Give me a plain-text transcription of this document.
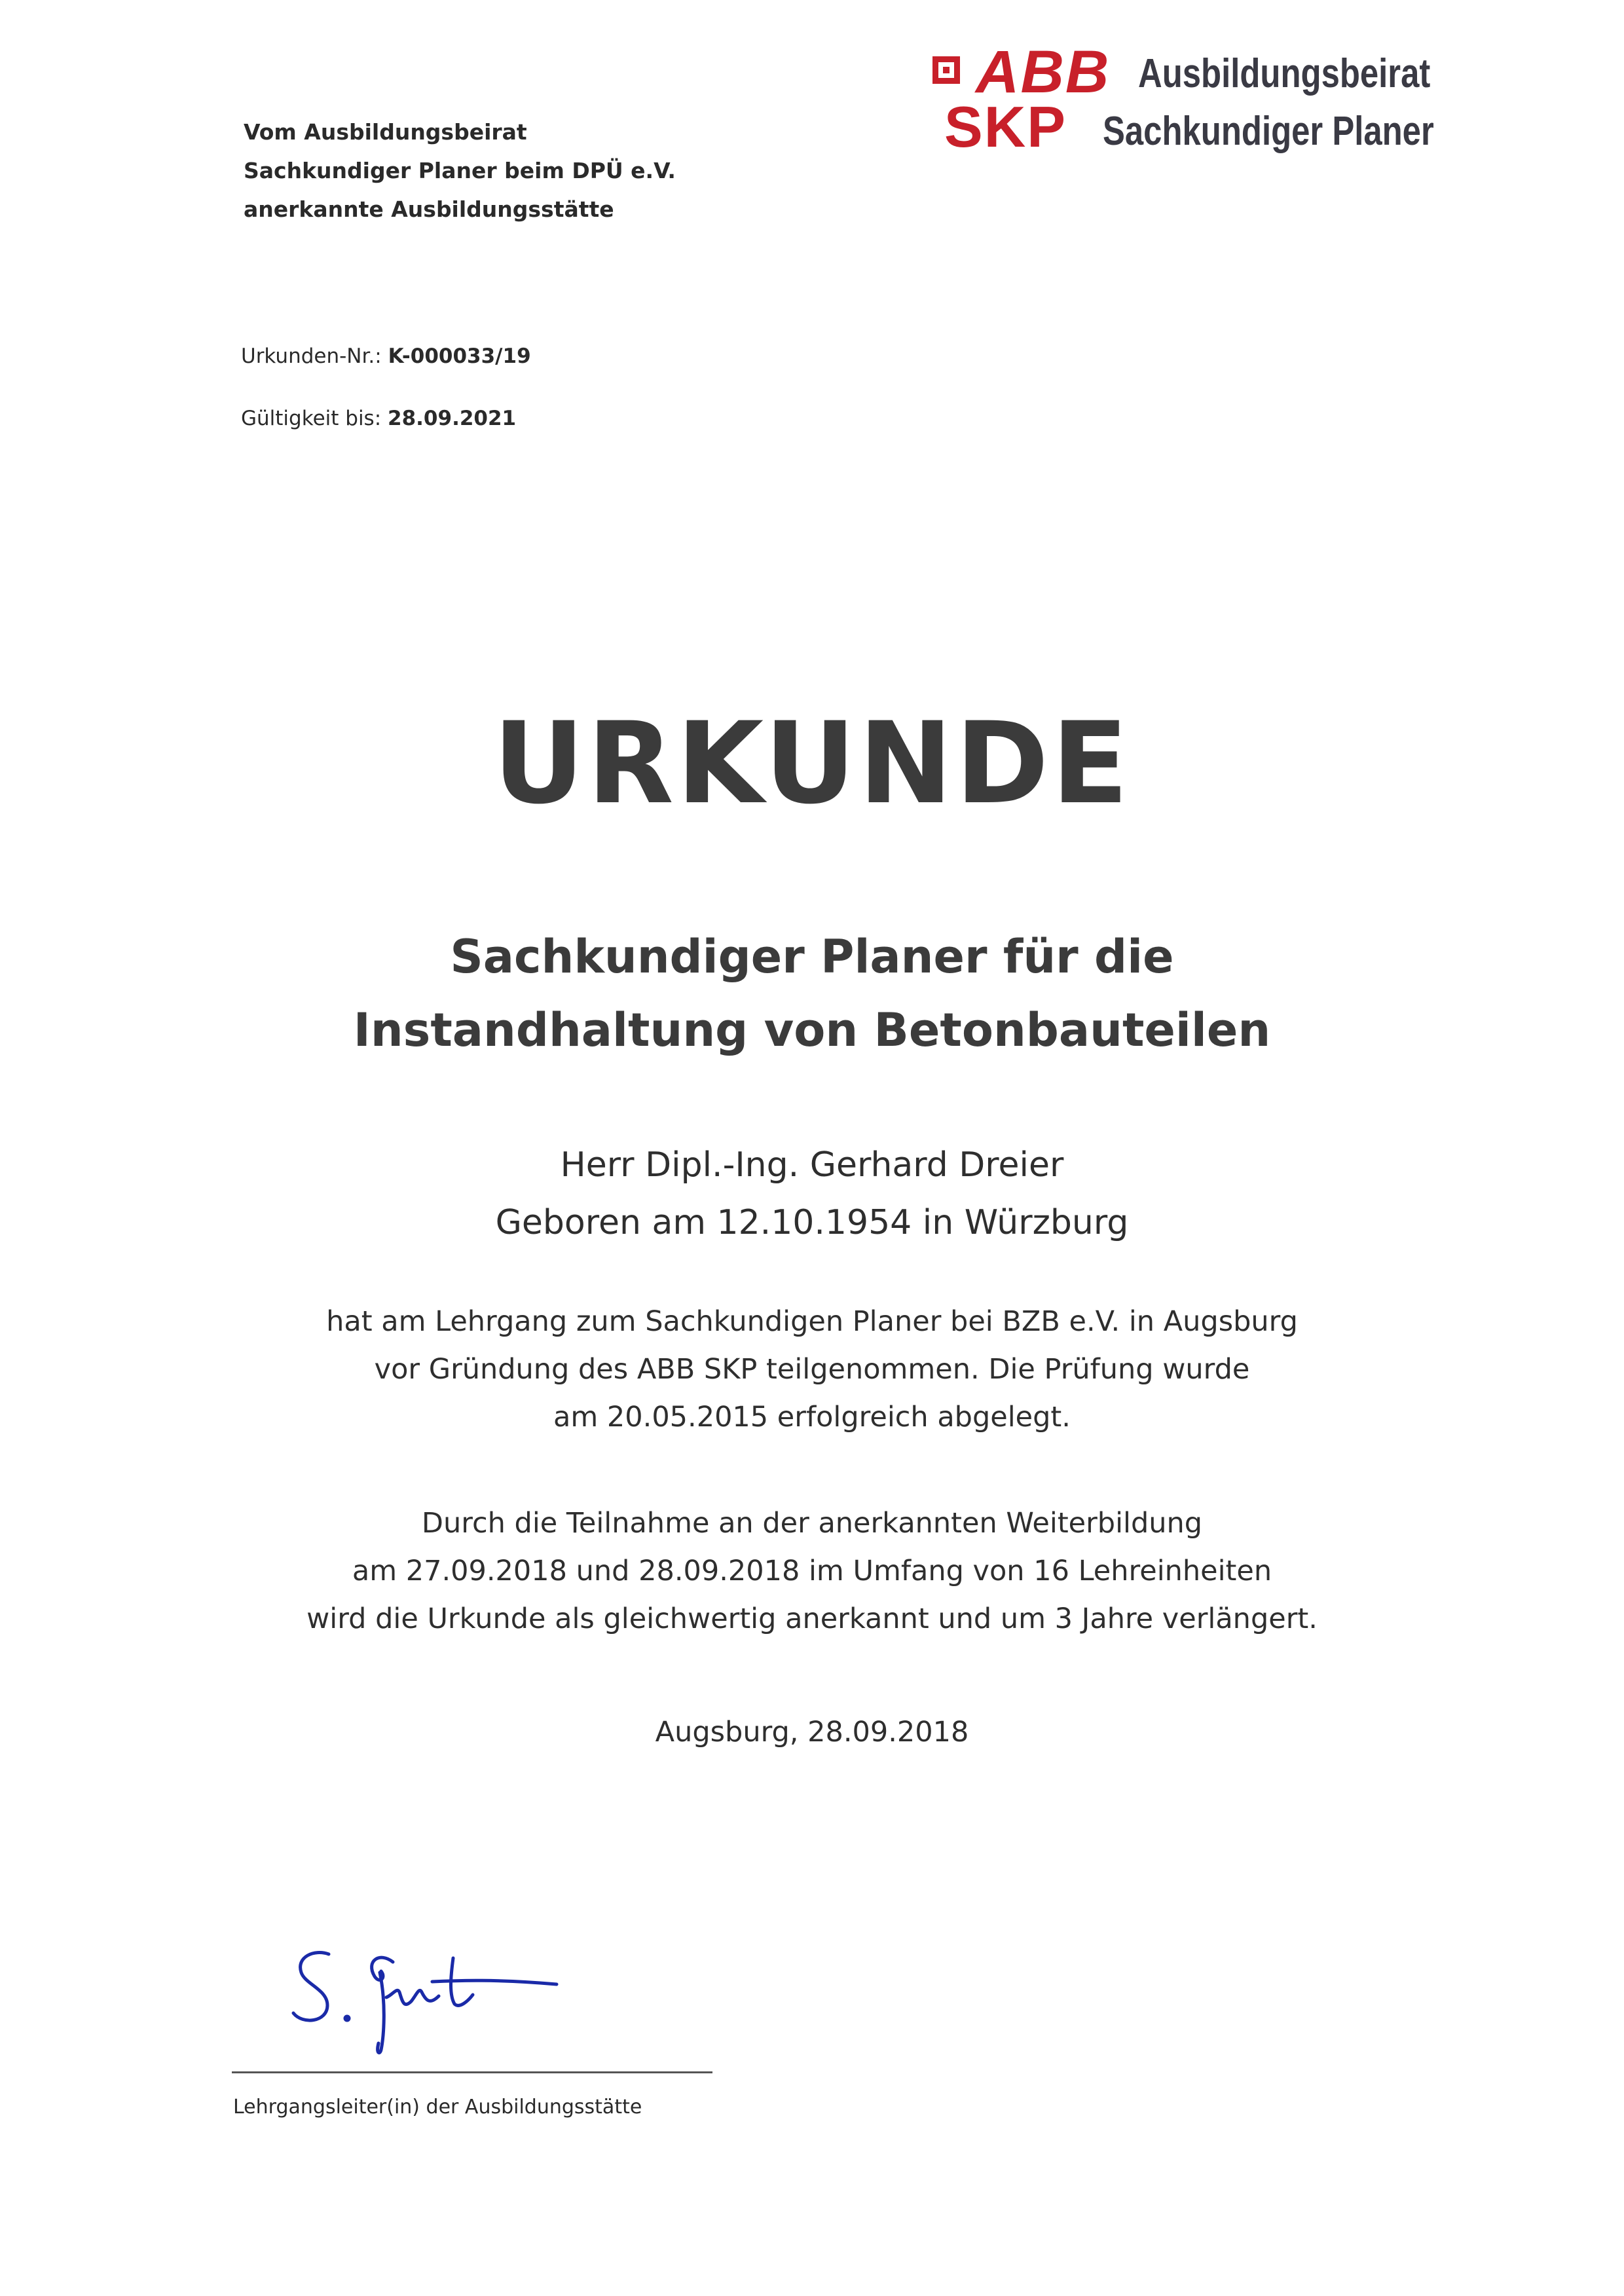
Vom Ausbildungsbeirat
Sachkundiger Planer beim DPÜ e.V.
anerkannte Ausbildungsstätte
ABB
SKP
Ausbildungsbeirat
Sachkundiger Planer
Urkunden-Nr.: K-000033/19
Gültigkeit bis: 28.09.2021
URKUNDE
Sachkundiger Planer für die
Instandhaltung von Betonbauteilen
Herr Dipl.-Ing. Gerhard Dreier
Geboren am 12.10.1954 in Würzburg
hat am Lehrgang zum Sachkundigen Planer bei BZB e.V. in Augsburg
vor Gründung des ABB SKP teilgenommen. Die Prüfung wurde
am 20.05.2015 erfolgreich abgelegt.
Durch die Teilnahme an der anerkannten Weiterbildung
am 27.09.2018 und 28.09.2018 im Umfang von 16 Lehreinheiten
wird die Urkunde als gleichwertig anerkannt und um 3 Jahre verlängert.
Augsburg, 28.09.2018
Lehrgangsleiter(in) der Ausbildungsstätte
